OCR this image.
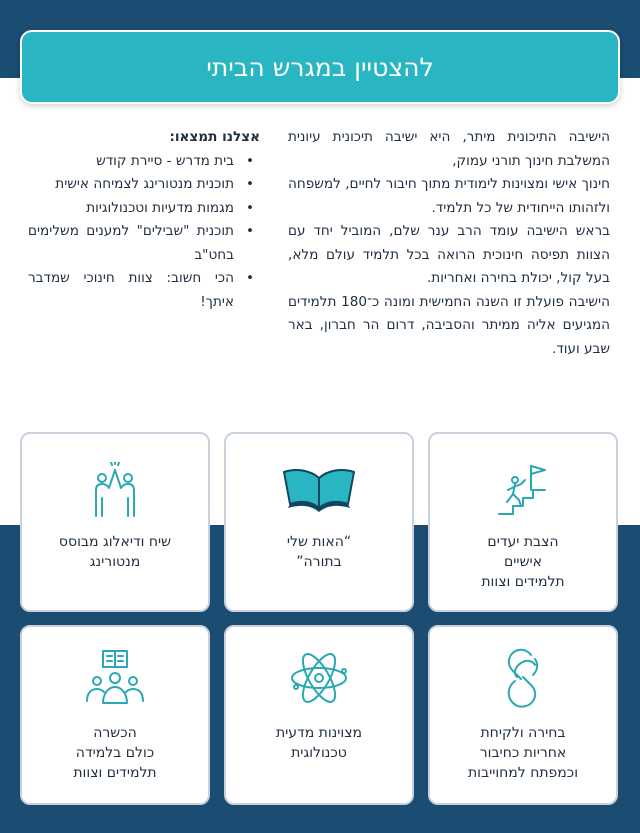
להצטיין במגרש הביתי

הישיבה התיכונית מיתר, היא ישיבה תיכונית עיונית המשלבת חינוך תורני עמוק,

חינוך אישי ומצוינות לימודית מתוך חיבור לחיים, למשפחה ולזהותו הייחודית של כל תלמיד.

בראש הישיבה עומד הרב ענר שלם, המוביל יחד עם הצוות תפיסה חינוכית הרואה בכל תלמיד עולם מלא, בעל קול, יכולת בחירה ואחריות.

הישיבה פועלת זו השנה החמישית ומונה כ־180 תלמידים המגיעים אליה ממיתר והסביבה, דרום הר חברון, באר שבע ועוד.

אצלנו תמצאו:
• בית מדרש - סיירת קודש
• תוכנית מנטורינג לצמיחה אישית
• מגמות מדעיות וטכנולוגיות
• תוכנית "שבילים" למענים משלימים בחט"ב
• הכי חשוב: צוות חינוכי שמדבר איתך!
הצבת יעדים
אישיים
תלמידים וצוות
“האות שלי
בתורה”
שיח ודיאלוג מבוסס
מנטורינג
בחירה ולקיחת
אחריות כחיבור
וכמפתח למחוייבות
מצוינות מדעית
טכנולוגית
הכשרה
כולם בלמידה
תלמידים וצוות
